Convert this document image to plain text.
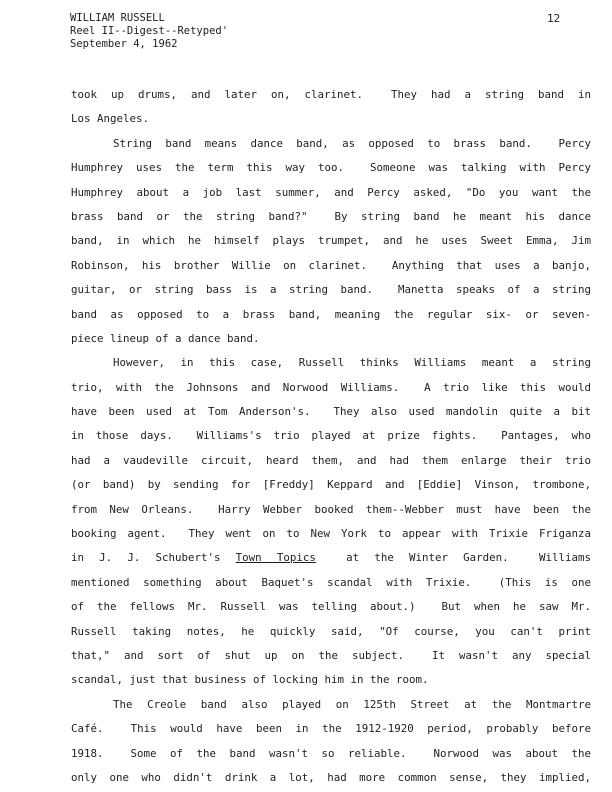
WILLIAM RUSSELL
Reel II--Digest--Retyped'
September 4, 1962
12
took up drums, and later on, clarinet.  They had a string band in
Los Angeles.
String band means dance band, as opposed to brass band.  Percy
Humphrey uses the term this way too.  Someone was talking with Percy
Humphrey about a job last summer, and Percy asked, "Do you want the
brass band or the string band?"  By string band he meant his dance
band, in which he himself plays trumpet, and he uses Sweet Emma, Jim
Robinson, his brother Willie on clarinet.  Anything that uses a banjo,
guitar, or string bass is a string band.  Manetta speaks of a string
band as opposed to a brass band, meaning the regular six- or seven-
piece lineup of a dance band.
However, in this case, Russell thinks Williams meant a string
trio, with the Johnsons and Norwood Williams.  A trio like this would
have been used at Tom Anderson's.  They also used mandolin quite a bit
in those days.  Williams's trio played at prize fights.  Pantages, who
had a vaudeville circuit, heard them, and had them enlarge their trio
(or band) by sending for [Freddy] Keppard and [Eddie] Vinson, trombone,
from New Orleans.  Harry Webber booked them--Webber must have been the
booking agent.  They went on to New York to appear with Trixie Friganza
in J. J. Schubert's Town Topics  at the Winter Garden.  Williams
mentioned something about Baquet's scandal with Trixie.  (This is one
of the fellows Mr. Russell was telling about.)  But when he saw Mr.
Russell taking notes, he quickly said, "Of course, you can't print
that," and sort of shut up on the subject.  It wasn't any special
scandal, just that business of locking him in the room.
The Creole band also played on 125th Street at the Montmartre
Café.  This would have been in the 1912-1920 period, probably before
1918.  Some of the band wasn't so reliable.  Norwood was about the
only one who didn't drink a lot, had more common sense, they implied,
